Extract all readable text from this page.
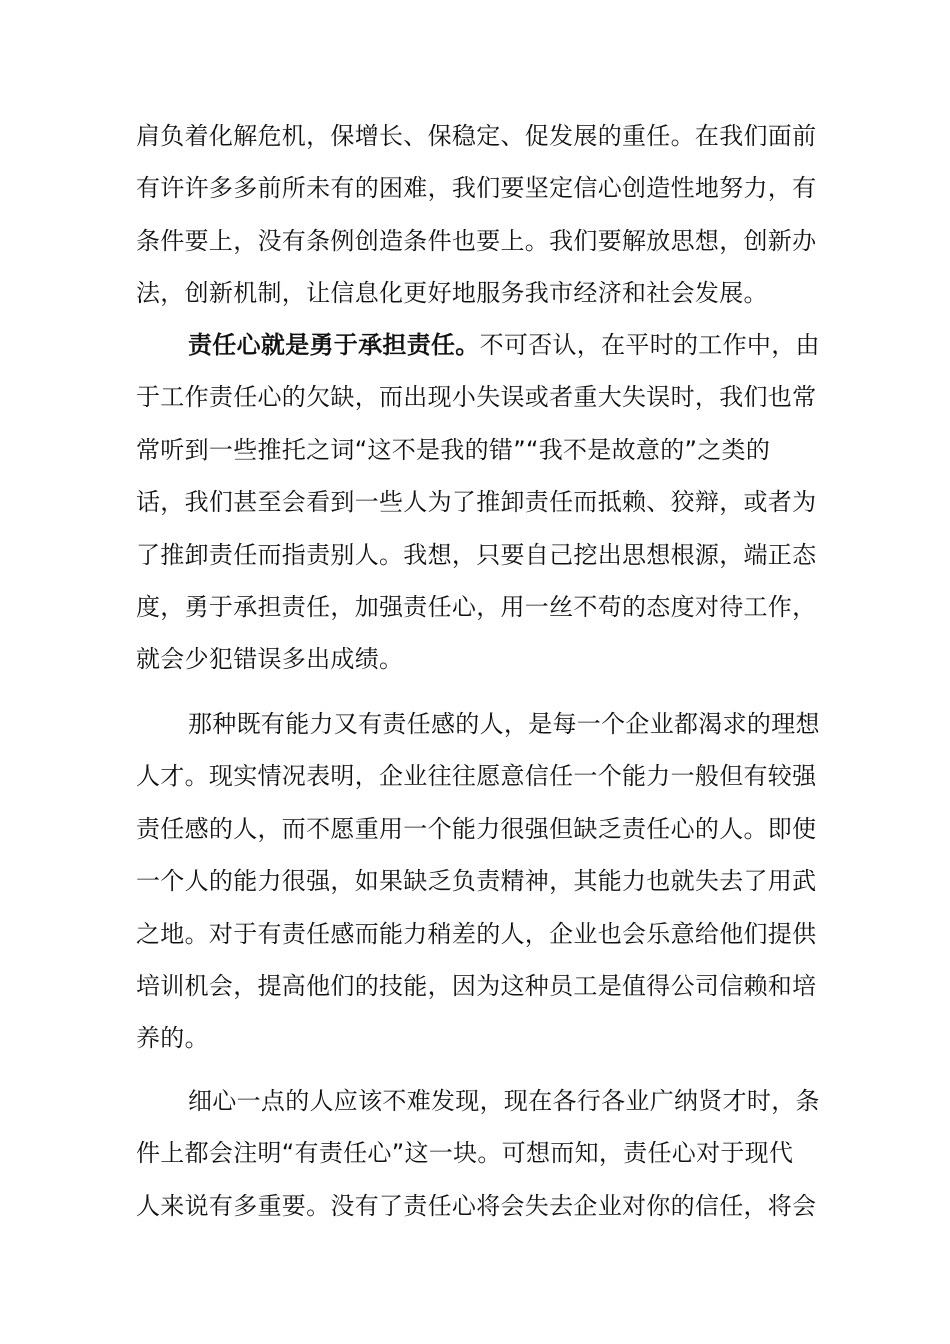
肩负着化解危机，保增长、保稳定、促发展的重任。在我们面前
有许许多多前所未有的困难，我们要坚定信心创造性地努力，有
条件要上，没有条例创造条件也要上。我们要解放思想，创新办
法，创新机制，让信息化更好地服务我市经济和社会发展。
责任心就是勇于承担责任。不可否认，在平时的工作中，由
于工作责任心的欠缺，而出现小失误或者重大失误时，我们也常
常听到一些推托之词“这不是我的错”“我不是故意的”之类的
话，我们甚至会看到一些人为了推卸责任而抵赖、狡辩，或者为
了推卸责任而指责别人。我想，只要自己挖出思想根源，端正态
度，勇于承担责任，加强责任心，用一丝不苟的态度对待工作，
就会少犯错误多出成绩。
那种既有能力又有责任感的人，是每一个企业都渴求的理想
人才。现实情况表明，企业往往愿意信任一个能力一般但有较强
责任感的人，而不愿重用一个能力很强但缺乏责任心的人。即使
一个人的能力很强，如果缺乏负责精神，其能力也就失去了用武
之地。对于有责任感而能力稍差的人，企业也会乐意给他们提供
培训机会，提高他们的技能，因为这种员工是值得公司信赖和培
养的。
细心一点的人应该不难发现，现在各行各业广纳贤才时，条
件上都会注明“有责任心”这一块。可想而知，责任心对于现代
人来说有多重要。没有了责任心将会失去企业对你的信任，将会
